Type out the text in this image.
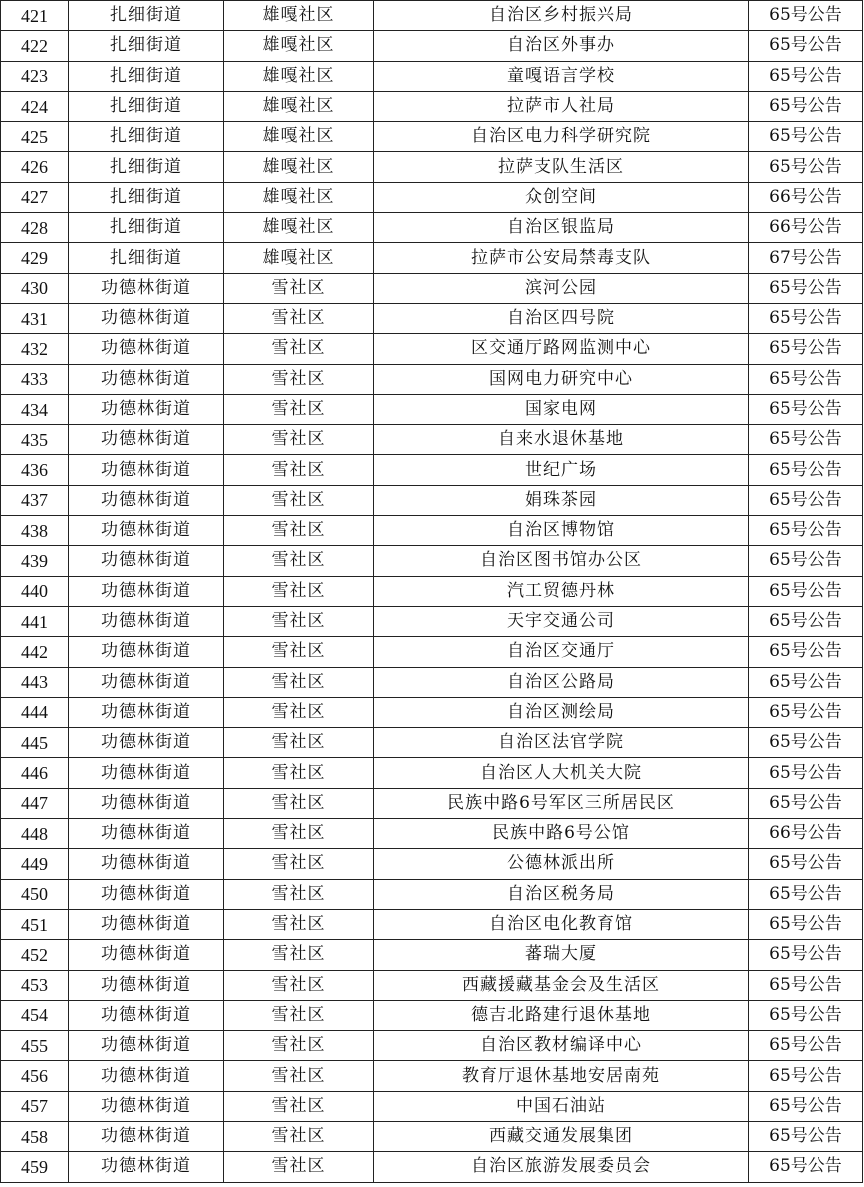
421	扎细街道	雄嘎社区	自治区乡村振兴局	65号公告
422	扎细街道	雄嘎社区	自治区外事办	65号公告
423	扎细街道	雄嘎社区	童嘎语言学校	65号公告
424	扎细街道	雄嘎社区	拉萨市人社局	65号公告
425	扎细街道	雄嘎社区	自治区电力科学研究院	65号公告
426	扎细街道	雄嘎社区	拉萨支队生活区	65号公告
427	扎细街道	雄嘎社区	众创空间	66号公告
428	扎细街道	雄嘎社区	自治区银监局	66号公告
429	扎细街道	雄嘎社区	拉萨市公安局禁毒支队	67号公告
430	功德林街道	雪社区	滨河公园	65号公告
431	功德林街道	雪社区	自治区四号院	65号公告
432	功德林街道	雪社区	区交通厅路网监测中心	65号公告
433	功德林街道	雪社区	国网电力研究中心	65号公告
434	功德林街道	雪社区	国家电网	65号公告
435	功德林街道	雪社区	自来水退休基地	65号公告
436	功德林街道	雪社区	世纪广场	65号公告
437	功德林街道	雪社区	娟珠茶园	65号公告
438	功德林街道	雪社区	自治区博物馆	65号公告
439	功德林街道	雪社区	自治区图书馆办公区	65号公告
440	功德林街道	雪社区	汽工贸德丹林	65号公告
441	功德林街道	雪社区	天宇交通公司	65号公告
442	功德林街道	雪社区	自治区交通厅	65号公告
443	功德林街道	雪社区	自治区公路局	65号公告
444	功德林街道	雪社区	自治区测绘局	65号公告
445	功德林街道	雪社区	自治区法官学院	65号公告
446	功德林街道	雪社区	自治区人大机关大院	65号公告
447	功德林街道	雪社区	民族中路6号军区三所居民区	65号公告
448	功德林街道	雪社区	民族中路6号公馆	66号公告
449	功德林街道	雪社区	公德林派出所	65号公告
450	功德林街道	雪社区	自治区税务局	65号公告
451	功德林街道	雪社区	自治区电化教育馆	65号公告
452	功德林街道	雪社区	蕃瑞大厦	65号公告
453	功德林街道	雪社区	西藏援藏基金会及生活区	65号公告
454	功德林街道	雪社区	德吉北路建行退休基地	65号公告
455	功德林街道	雪社区	自治区教材编译中心	65号公告
456	功德林街道	雪社区	教育厅退休基地安居南苑	65号公告
457	功德林街道	雪社区	中国石油站	65号公告
458	功德林街道	雪社区	西藏交通发展集团	65号公告
459	功德林街道	雪社区	自治区旅游发展委员会	65号公告
